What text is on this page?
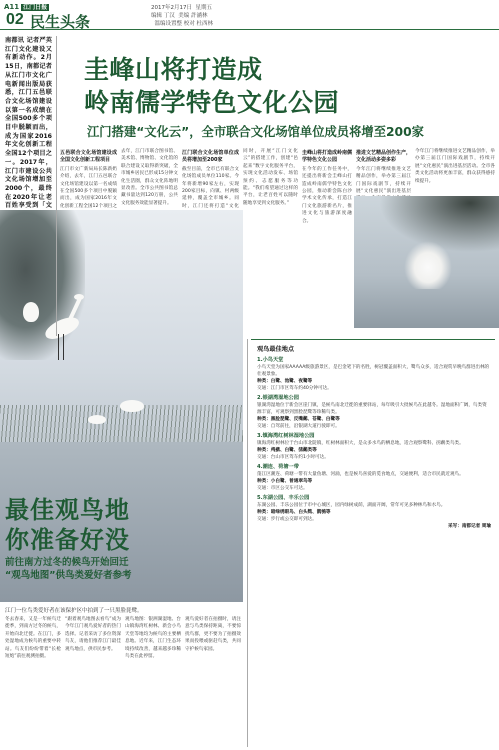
A11 江门日报
02 民生头条
2017年2月17日  星期五
编辑 丁汉  美编 許涵林
溫编设置整 校对 杜西林
南都讯 记者严英 江门文化建设又有新动作。2月15日，南都记者从江门市文化广电新闻出版局获悉，江门五邑联合文化场馆建设以第一名成绩在全国500多个项目中脱颖而出，成为国家2016年文化创新工程全国12个项目之一。2017年，江门市建设公共文化场馆增加至2000个，最终在2020年让老百姓享受到「文
圭峰山将打造成
岭南儒学特色文化公园
江门搭建“文化云”，全市联合文化场馆单位成员将增至200家
五邑联合文化场馆建设成全国文化创新工程项目
江门市文广新局局长陈新奶介绍，去年，江门五邑联合文化场馆建设以第一名成绩在全国500多个项目中脱颖而出，成为国家2016年文化创新工程全国12个项目之
去年，江门市联合图书馆、美术馆、博物馆、文化馆的联合建设又取得新突破，全市城乡居民已形成15分钟文化生活圈，群众文化阵地明显改善。全市公共图书馆总藏书量达到120万册，公共文化服务效能显著提升。
江门联合文化场馆单位成员将增加至200家
截至目前，全市已有联合文化场馆成员单位110家。今年将新增90家左右，实现200家目标，向镇、村两级延伸，覆盖全市城乡。同时，江门还将打造“文化
同时，开展“江门文化云”的搭建工作，创建“邑起来”数字文化服务平台，实现文化活动发布、场馆预约、志愿服务等功能。“我们希望通过这样的平台，让老百姓可以随时随地享受到文化服务。”
圭峰山将打造成岭南儒学特色文化公园
在今年的工作任务中，还提出将新会圭峰山打造成岭南儒学特色文化公园，推动新会陈白沙学术文化传承，打造江门文化旅游新名片，推进文化与旅游深度融合。
推进文艺精品创作生产，文化活动多姿多彩
今年江门将继续推进文艺精品创作，举办第三届江门国际戏剧节，持续开展“文化惠民”演出进基层
今年江门将继续推进文艺精品创作，举办第三届江门国际戏剧节，持续开展“文化惠民”演出进基层活动。全市各类文化活动将更加丰富，群众获得感持续提升。
最佳观鸟地
你准备好没
前往南方过冬的候鸟开始回迁
“观鸟地图”供鸟类爱好者参考
江门一位鸟类爱好者在该保护区中拍到了一只黑脸琵鹭。
冬去春来，又是一年候鸟迁徙季，到南方过冬的候鸟，开始向北迁徙。在江门，多处湿地成为候鸟的重要中转站。鸟友们纷纷带着“长枪短炮”前往观测拍摄。
“跟着观鸟地图去看鸟”成为今年江门观鸟爱好者的热门选择。记者采访了多位资深鸟友，请他们推荐江门最佳观鸟地点，供市民参考。
观鸟地图：银洲湖湿地、台山镇海湾红树林、新会小鸟天堂等地均为候鸟的主要栖息地。近年来，江门生态环境持续改善，越来越多珍稀鸟类在此停留。
观鸟爱好者在拍摄时，请注意与鸟类保持距离，不要惊扰鸟群，更不要为了拍摄效果而投喂或驱赶鸟类，共同守护候鸟家园。
观鸟最佳地点
1.小鸟天堂
小鸟天堂为国家AAAAA级旅游景区，是巴金笔下的名胜，树冠覆盖面积大，鹭鸟众多，适合观赏早晚鸟群进出林的壮观景象。
种类：白鹭、池鹭、夜鹭等
交通：江门市区驾车约40分钟可达。
2.银湖湾湿地公园
银湖湾湿地位于新会区崖门镇，是候鸟南北迁徙的重要驿站，每年吸引大批候鸟在此越冬。湿地面积广阔，鸟类资源丰富，可观察到黑脸琵鹭等珍稀鸟类。
种类：黑脸琵鹭、反嘴鹬、苍鹭、白鹭等
交通：自驾前往，沿银湖大道行驶即可。
3.镇海湾红树林湿地公园
镇海湾红树林位于台山市北陡镇，红树林面积大，是众多水鸟的栖息地，适合观察鹭科、鸻鹬类鸟类。
种类：鸬鹚、白鹭、鸻鹬类等
交通：台山市区驾车约1小时可达。
4.潮连、荷塘一带
蓬江区潮连、荷塘一带有大量鱼塘、河涌，也是候鸟喜爱的觅食地点，交通便利，适合市民就近观鸟。
种类：小白鹭、普通翠鸟等
交通：市区公交车可达。
5.东湖公园、丰乐公园
东湖公园、丰乐公园位于市中心城区，园内绿树成荫，湖面开阔，常年可见多种林鸟和水鸟。
种类：暗绿绣眼鸟、白头鹎、鹊鸲等
交通：步行或公交即可到达。
采写：南都记者 周瑜
